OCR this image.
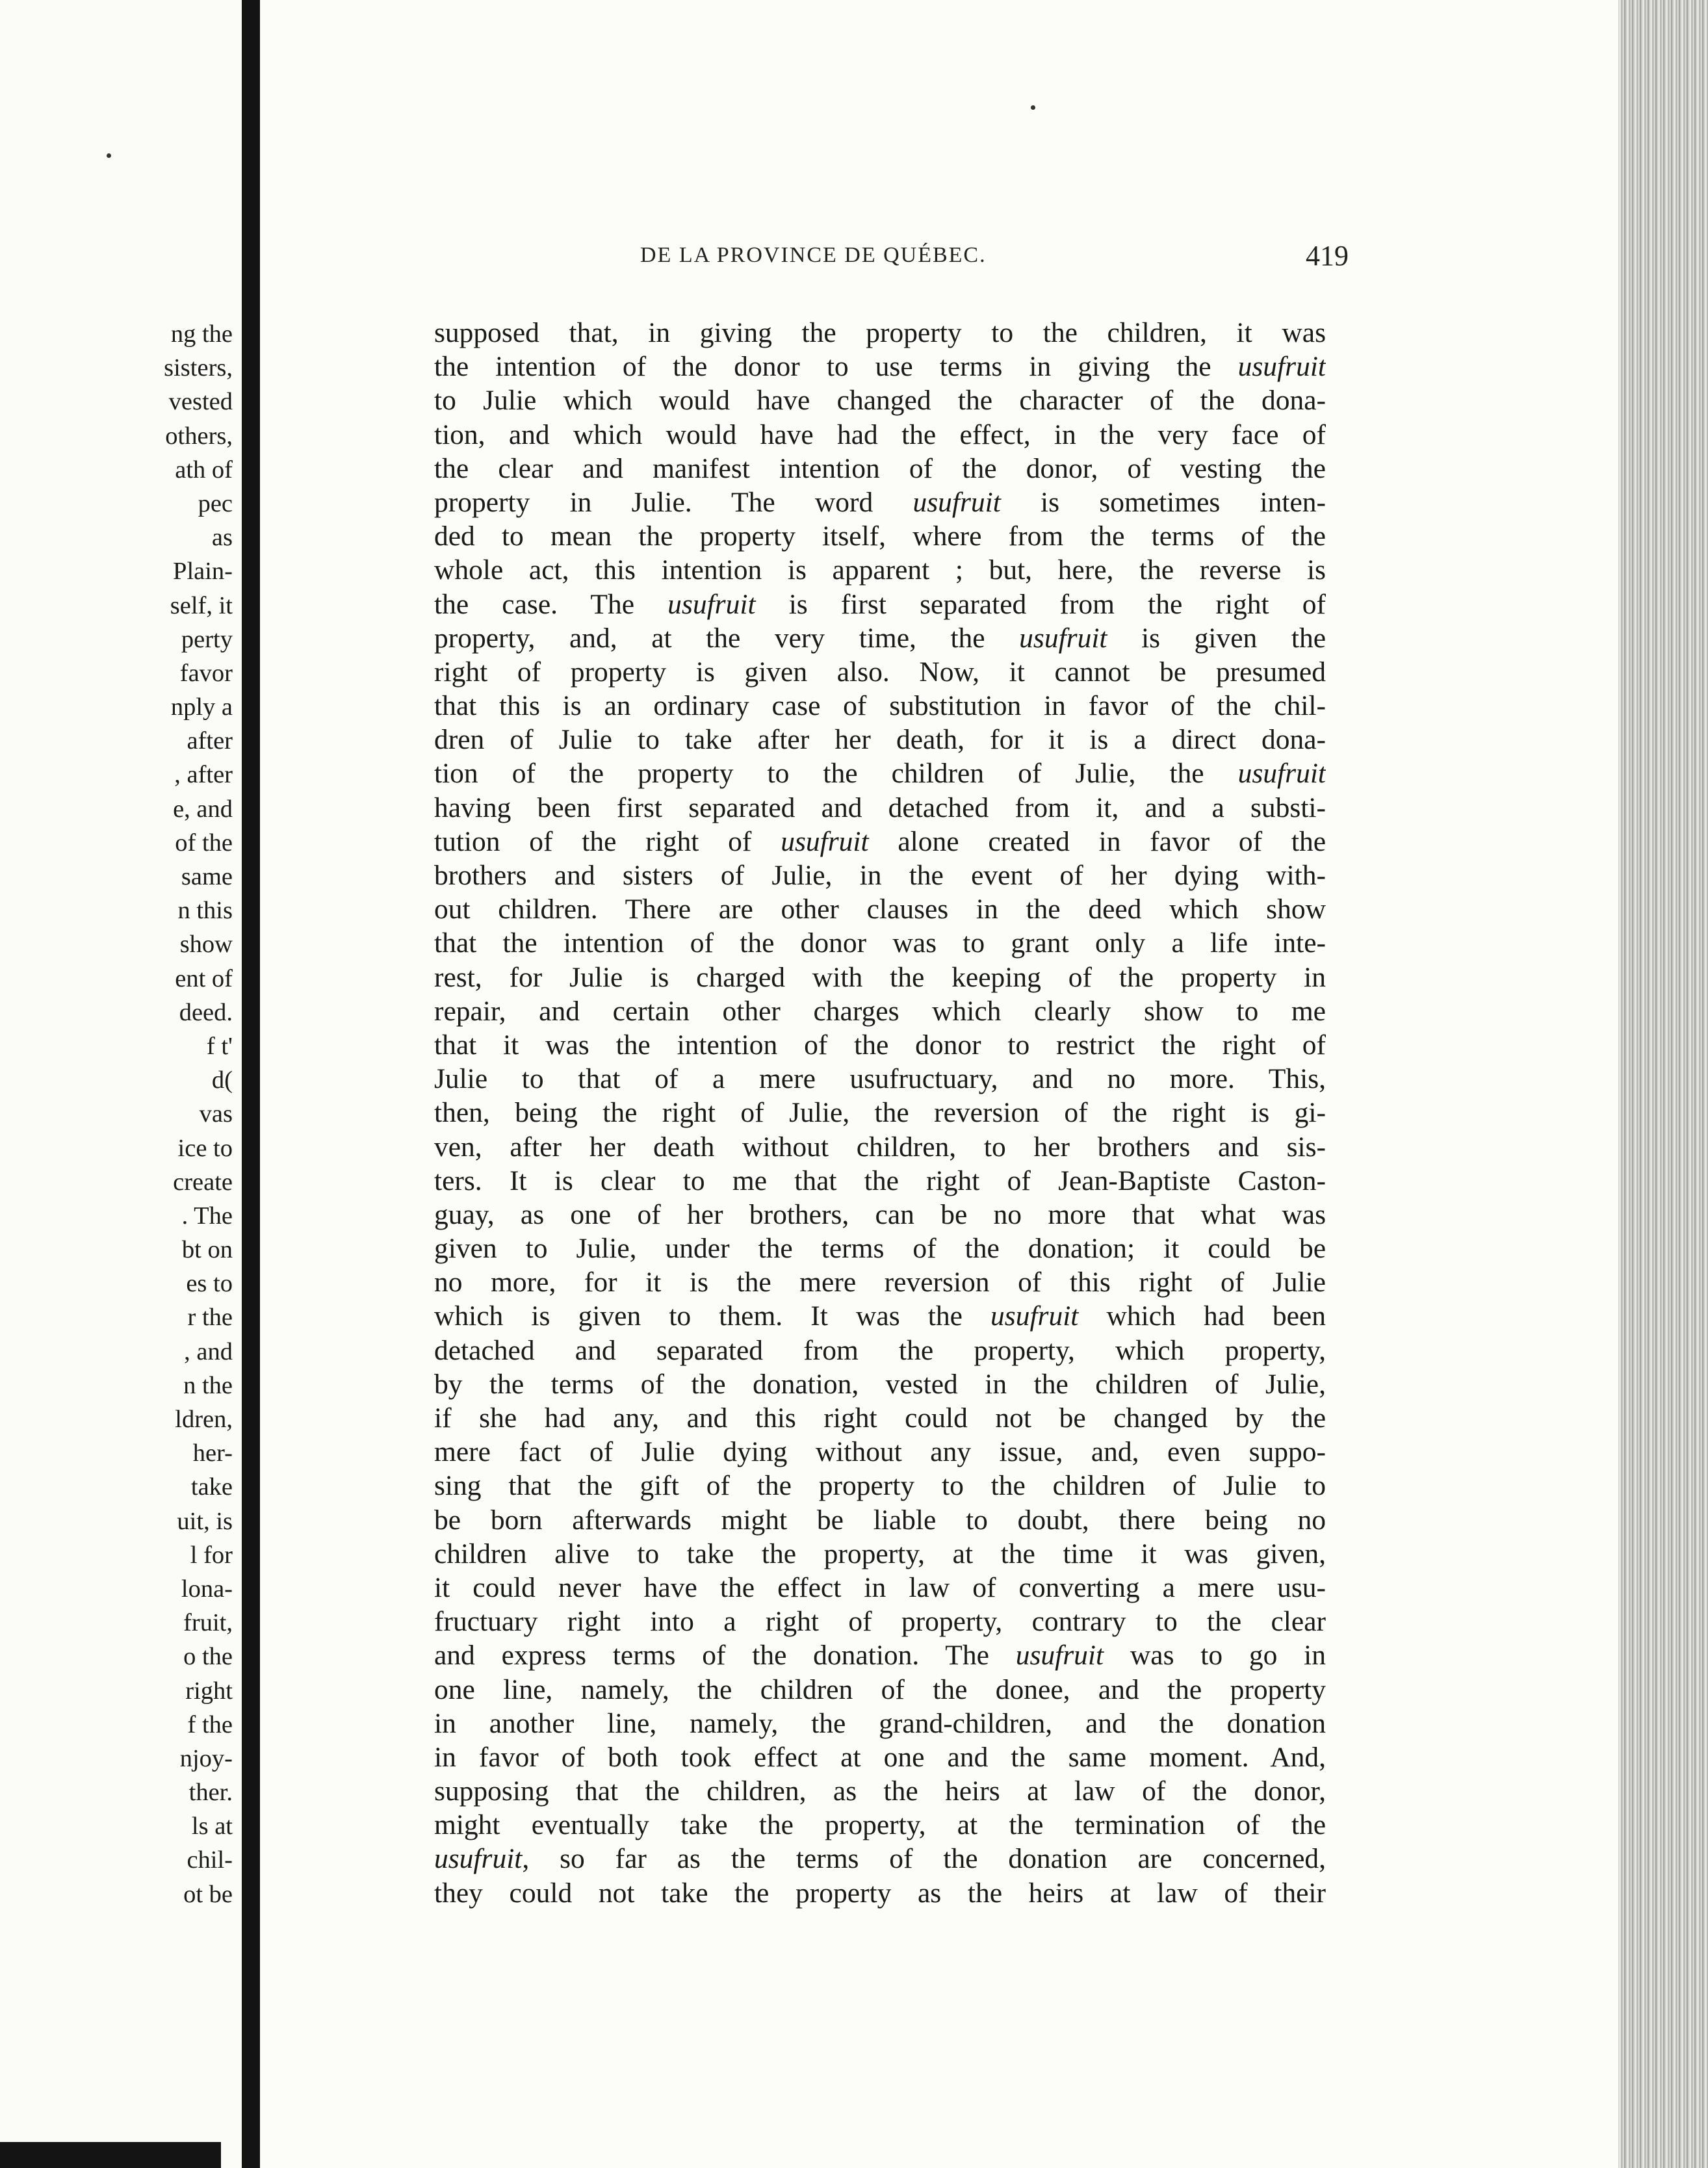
ng the
sisters,
vested
others,
ath of
pec
as
Plain-
self, it
perty
favor
nply a
after
, after
e, and
of the
same
n this
show
ent of
deed.
f t'
d(
vas
ice to
create
. The
bt on
es to
r the
, and
n the
ldren,
her-
take
uit, is
l for
lona-
fruit,
o the
right
f the
njoy-
ther.
ls at
chil-
ot be
DE LA PROVINCE DE QUÉBEC.	419
supposed that, in giving the property to the children, it was
the intention of the donor to use terms in giving the usufruit
to Julie which would have changed the character of the dona-
tion, and which would have had the effect, in the very face of
the clear and manifest intention of the donor, of vesting the
property in Julie. The word usufruit is sometimes inten-
ded to mean the property itself, where from the terms of the
whole act, this intention is apparent ; but, here, the reverse is
the case. The usufruit is first separated from the right of
property, and, at the very time, the usufruit is given the
right of property is given also. Now, it cannot be presumed
that this is an ordinary case of substitution in favor of the chil-
dren of Julie to take after her death, for it is a direct dona-
tion of the property to the children of Julie, the usufruit
having been first separated and detached from it, and a substi-
tution of the right of usufruit alone created in favor of the
brothers and sisters of Julie, in the event of her dying with-
out children. There are other clauses in the deed which show
that the intention of the donor was to grant only a life inte-
rest, for Julie is charged with the keeping of the property in
repair, and certain other charges which clearly show to me
that it was the intention of the donor to restrict the right of
Julie to that of a mere usufructuary, and no more. This,
then, being the right of Julie, the reversion of the right is gi-
ven, after her death without children, to her brothers and sis-
ters. It is clear to me that the right of Jean-Baptiste Caston-
guay, as one of her brothers, can be no more that what was
given to Julie, under the terms of the donation; it could be
no more, for it is the mere reversion of this right of Julie
which is given to them. It was the usufruit which had been
detached and separated from the property, which property,
by the terms of the donation, vested in the children of Julie,
if she had any, and this right could not be changed by the
mere fact of Julie dying without any issue, and, even suppo-
sing that the gift of the property to the children of Julie to
be born afterwards might be liable to doubt, there being no
children alive to take the property, at the time it was given,
it could never have the effect in law of converting a mere usu-
fructuary right into a right of property, contrary to the clear
and express terms of the donation. The usufruit was to go in
one line, namely, the children of the donee, and the property
in another line, namely, the grand-children, and the donation
in favor of both took effect at one and the same moment. And,
supposing that the children, as the heirs at law of the donor,
might eventually take the property, at the termination of the
usufruit, so far as the terms of the donation are concerned,
they could not take the property as the heirs at law of their
